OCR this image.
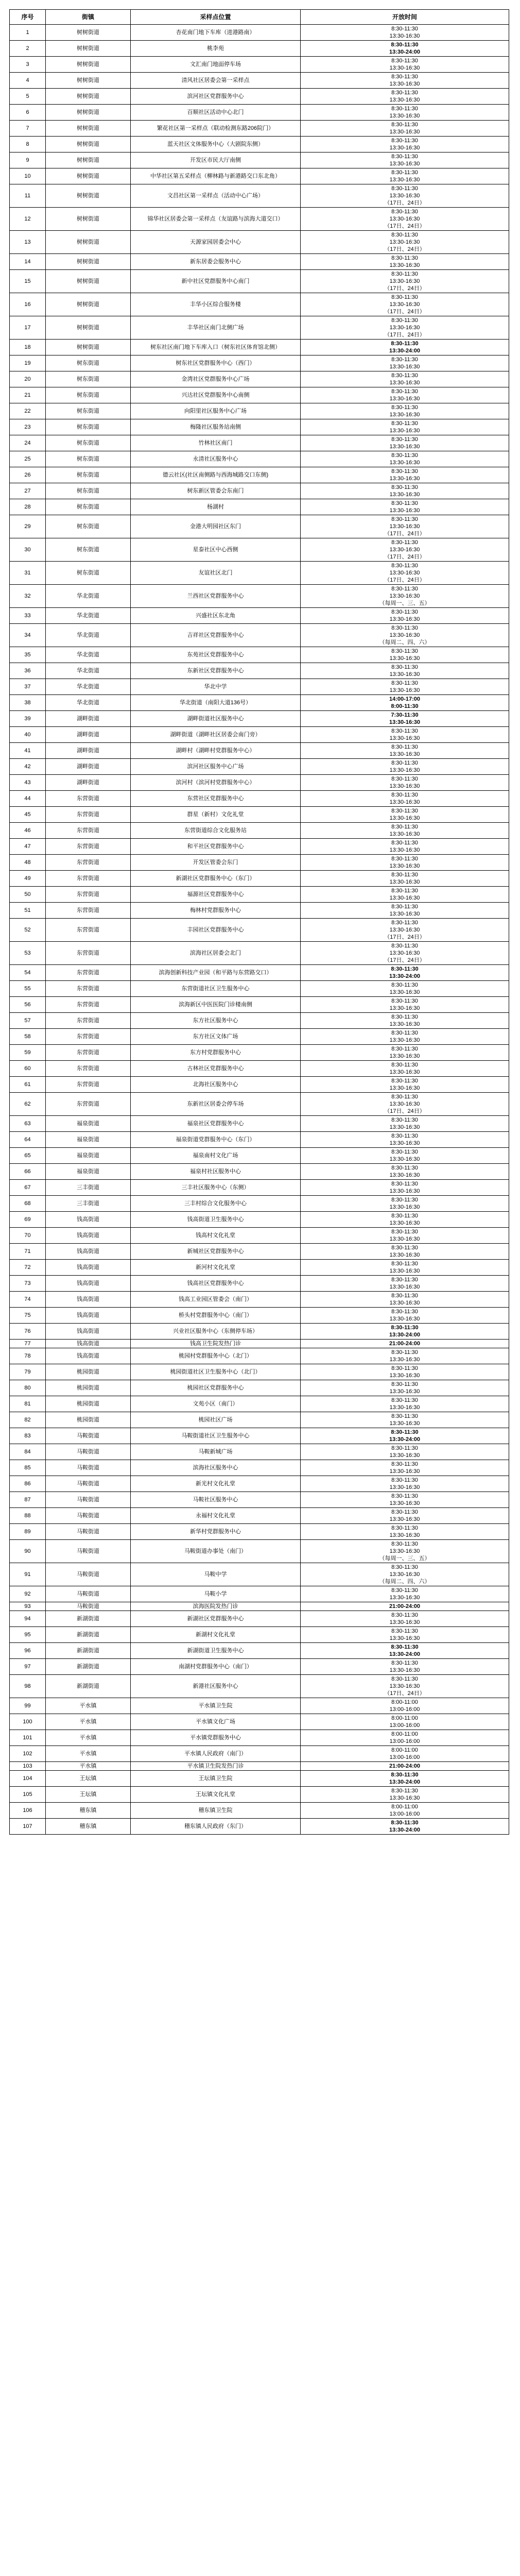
序号	街镇	采样点位置	开放时间
1	树树街道	杏花南门地下车库（进港路南）	8:30-11:30
13:30-16:30
2	树树街道	桃李苑	8:30-11:30
13:30-24:00
3	树树街道	文汇南门地面停车场	8:30-11:30
13:30-16:30
4	树树街道	清风社区居委会第一采样点	8:30-11:30
13:30-16:30
5	树树街道	滨河社区党群服务中心	8:30-11:30
13:30-16:30
6	树树街道	百顺社区活动中心北门	8:30-11:30
13:30-16:30
7	树树街道	繁花社区第一采样点（联动检测东路206院门）	8:30-11:30
13:30-16:30
8	树树街道	蓝天社区文体服务中心（大剧院东侧）	8:30-11:30
13:30-16:30
9	树树街道	开发区市民大厅南侧	8:30-11:30
13:30-16:30
10	树树街道	中华社区第五采样点（柳林路与新港路交口东北角）	8:30-11:30
13:30-16:30
11	树树街道	文昌社区第一采样点（活动中心广场）	8:30-11:30
13:30-16:30
（17日、24日）
12	树树街道	锦华社区居委会第一采样点（友谊路与滨海大道交口）	8:30-11:30
13:30-16:30
（17日、24日）
13	树树街道	天源家园居委会中心	8:30-11:30
13:30-16:30
（17日、24日）
14	树树街道	新东居委会服务中心	8:30-11:30
13:30-16:30
15	树树街道	新中社区党群服务中心南门	8:30-11:30
13:30-16:30
（17日、24日）
16	树树街道	丰华小区综合服务楼	8:30-11:30
13:30-16:30
（17日、24日）
17	树树街道	丰华社区南门北侧广场	8:30-11:30
13:30-16:30
（17日、24日）
18	树树街道	树东社区南门地下车库入口（树东社区体育馆北侧）	8:30-11:30
13:30-24:00
19	树东街道	树东社区党群服务中心（西门）	8:30-11:30
13:30-16:30
20	树东街道	金湾社区党群服务中心广场	8:30-11:30
13:30-16:30
21	树东街道	兴达社区党群服务中心南侧	8:30-11:30
13:30-16:30
22	树东街道	向阳里社区服务中心广场	8:30-11:30
13:30-16:30
23	树东街道	梅隆社区服务站南侧	8:30-11:30
13:30-16:30
24	树东街道	竹林社区南门	8:30-11:30
13:30-16:30
25	树东街道	永清社区服务中心	8:30-11:30
13:30-16:30
26	树东街道	德云社区(社区南侧路与西海城路交口东侧)	8:30-11:30
13:30-16:30
27	树东街道	树东新区管委会东南门	8:30-11:30
13:30-16:30
28	树东街道	杨湖村	8:30-11:30
13:30-16:30
29	树东街道	金港大明园社区东门	8:30-11:30
13:30-16:30
（17日、24日）
30	树东街道	星泰社区中心西侧	8:30-11:30
13:30-16:30
（17日、24日）
31	树东街道	友谊社区北门	8:30-11:30
13:30-16:30
（17日、24日）
32	华北街道	兰西社区党群服务中心	8:30-11:30
13:30-16:30
（每周一、三、五）
33	华北街道	兴盛社区东北角	8:30-11:30
13:30-16:30
34	华北街道	吉祥社区党群服务中心	8:30-11:30
13:30-16:30
（每周二、四、六）
35	华北街道	东苑社区党群服务中心	8:30-11:30
13:30-16:30
36	华北街道	东新社区党群服务中心	8:30-11:30
13:30-16:30
37	华北街道	华北中学	8:30-11:30
13:30-16:30
38	华北街道	华北街道（南阳大道136号）	14:00-17:00
8:00-11:30
39	湖畔街道	湖畔街道社区服务中心	7:30-11:30
13:30-16:30
40	湖畔街道	湖畔街道（湖畔社区居委会南门旁）	8:30-11:30
13:30-16:30
41	湖畔街道	湖畔村（湖畔村党群服务中心）	8:30-11:30
13:30-16:30
42	湖畔街道	滨河社区服务中心广场	8:30-11:30
13:30-16:30
43	湖畔街道	滨河村（滨河村党群服务中心）	8:30-11:30
13:30-16:30
44	东营街道	东营社区党群服务中心	8:30-11:30
13:30-16:30
45	东营街道	群星（新村）文化礼堂	8:30-11:30
13:30-16:30
46	东营街道	东营街道综合文化服务站	8:30-11:30
13:30-16:30
47	东营街道	和平社区党群服务中心	8:30-11:30
13:30-16:30
48	东营街道	开发区管委会东门	8:30-11:30
13:30-16:30
49	东营街道	新湖社区党群服务中心（东门）	8:30-11:30
13:30-16:30
50	东营街道	福源社区党群服务中心	8:30-11:30
13:30-16:30
51	东营街道	梅林村党群服务中心	8:30-11:30
13:30-16:30
52	东营街道	丰园社区党群服务中心	8:30-11:30
13:30-16:30
（17日、24日）
53	东营街道	滨海社区居委会北门	8:30-11:30
13:30-16:30
（17日、24日）
54	东营街道	滨海创新科技产业园（和平路与东营路交口）	8:30-11:30
13:30-24:00
55	东营街道	东营街道社区卫生服务中心	8:30-11:30
13:30-16:30
56	东营街道	滨海新区中医医院门诊楼南侧	8:30-11:30
13:30-16:30
57	东营街道	东方社区服务中心	8:30-11:30
13:30-16:30
58	东营街道	东方社区文体广场	8:30-11:30
13:30-16:30
59	东营街道	东方村党群服务中心	8:30-11:30
13:30-16:30
60	东营街道	古林社区党群服务中心	8:30-11:30
13:30-16:30
61	东营街道	北海社区服务中心	8:30-11:30
13:30-16:30
62	东营街道	东新社区居委会停车场	8:30-11:30
13:30-16:30
（17日、24日）
63	福泉街道	福泉社区党群服务中心	8:30-11:30
13:30-16:30
64	福泉街道	福泉街道党群服务中心（东门）	8:30-11:30
13:30-16:30
65	福泉街道	福泉南村文化广场	8:30-11:30
13:30-16:30
66	福泉街道	福泉村社区服务中心	8:30-11:30
13:30-16:30
67	三丰街道	三丰社区服务中心（东侧）	8:30-11:30
13:30-16:30
68	三丰街道	三丰村综合文化服务中心	8:30-11:30
13:30-16:30
69	钱高街道	钱高街道卫生服务中心	8:30-11:30
13:30-16:30
70	钱高街道	钱高村文化礼堂	8:30-11:30
13:30-16:30
71	钱高街道	新城社区党群服务中心	8:30-11:30
13:30-16:30
72	钱高街道	新河村文化礼堂	8:30-11:30
13:30-16:30
73	钱高街道	钱高社区党群服务中心	8:30-11:30
13:30-16:30
74	钱高街道	钱高工业园区管委会（南门）	8:30-11:30
13:30-16:30
75	钱高街道	桥头村党群服务中心（南门）	8:30-11:30
13:30-16:30
76	钱高街道	兴业社区服务中心（东侧停车场）	8:30-11:30
13:30-24:00
77	钱高街道	钱高卫生院发热门诊	21:00-24:00
78	钱高街道	桃园村党群服务中心（北门）	8:30-11:30
13:30-16:30
79	桃园街道	桃园街道社区卫生服务中心（北门）	8:30-11:30
13:30-16:30
80	桃园街道	桃园社区党群服务中心	8:30-11:30
13:30-16:30
81	桃园街道	文苑小区（南门）	8:30-11:30
13:30-16:30
82	桃园街道	桃园社区广场	8:30-11:30
13:30-16:30
83	马鞍街道	马鞍街道社区卫生服务中心	8:30-11:30
13:30-24:00
84	马鞍街道	马鞍新城广场	8:30-11:30
13:30-16:30
85	马鞍街道	滨海社区服务中心	8:30-11:30
13:30-16:30
86	马鞍街道	新光村文化礼堂	8:30-11:30
13:30-16:30
87	马鞍街道	马鞍社区服务中心	8:30-11:30
13:30-16:30
88	马鞍街道	永福村文化礼堂	8:30-11:30
13:30-16:30
89	马鞍街道	新华村党群服务中心	8:30-11:30
13:30-16:30
90	马鞍街道	马鞍街道办事处（南门）	8:30-11:30
13:30-16:30
（每周一、三、五）
91	马鞍街道	马鞍中学	8:30-11:30
13:30-16:30
（每周二、四、六）
92	马鞍街道	马鞍小学	8:30-11:30
13:30-16:30
93	马鞍街道	滨海医院发热门诊	21:00-24:00
94	新湖街道	新湖社区党群服务中心	8:30-11:30
13:30-16:30
95	新湖街道	新湖村文化礼堂	8:30-11:30
13:30-16:30
96	新湖街道	新湖街道卫生服务中心	8:30-11:30
13:30-24:00
97	新湖街道	南湖村党群服务中心（南门）	8:30-11:30
13:30-16:30
98	新湖街道	新港社区服务中心	8:30-11:30
13:30-16:30
（17日、24日）
99	平水镇	平水镇卫生院	8:00-11:00
13:00-16:00
100	平水镇	平水镇文化广场	8:00-11:00
13:00-16:00
101	平水镇	平水镇党群服务中心	8:00-11:00
13:00-16:00
102	平水镇	平水镇人民政府（南门）	8:00-11:00
13:00-16:00
103	平水镇	平水镇卫生院发热门诊	21:00-24:00
104	王坛镇	王坛镇卫生院	8:30-11:30
13:30-24:00
105	王坛镇	王坛镇文化礼堂	8:30-11:30
13:30-16:30
106	稽东镇	稽东镇卫生院	8:00-11:00
13:00-16:00
107	稽东镇	稽东镇人民政府（东门）	8:30-11:30
13:30-24:00
